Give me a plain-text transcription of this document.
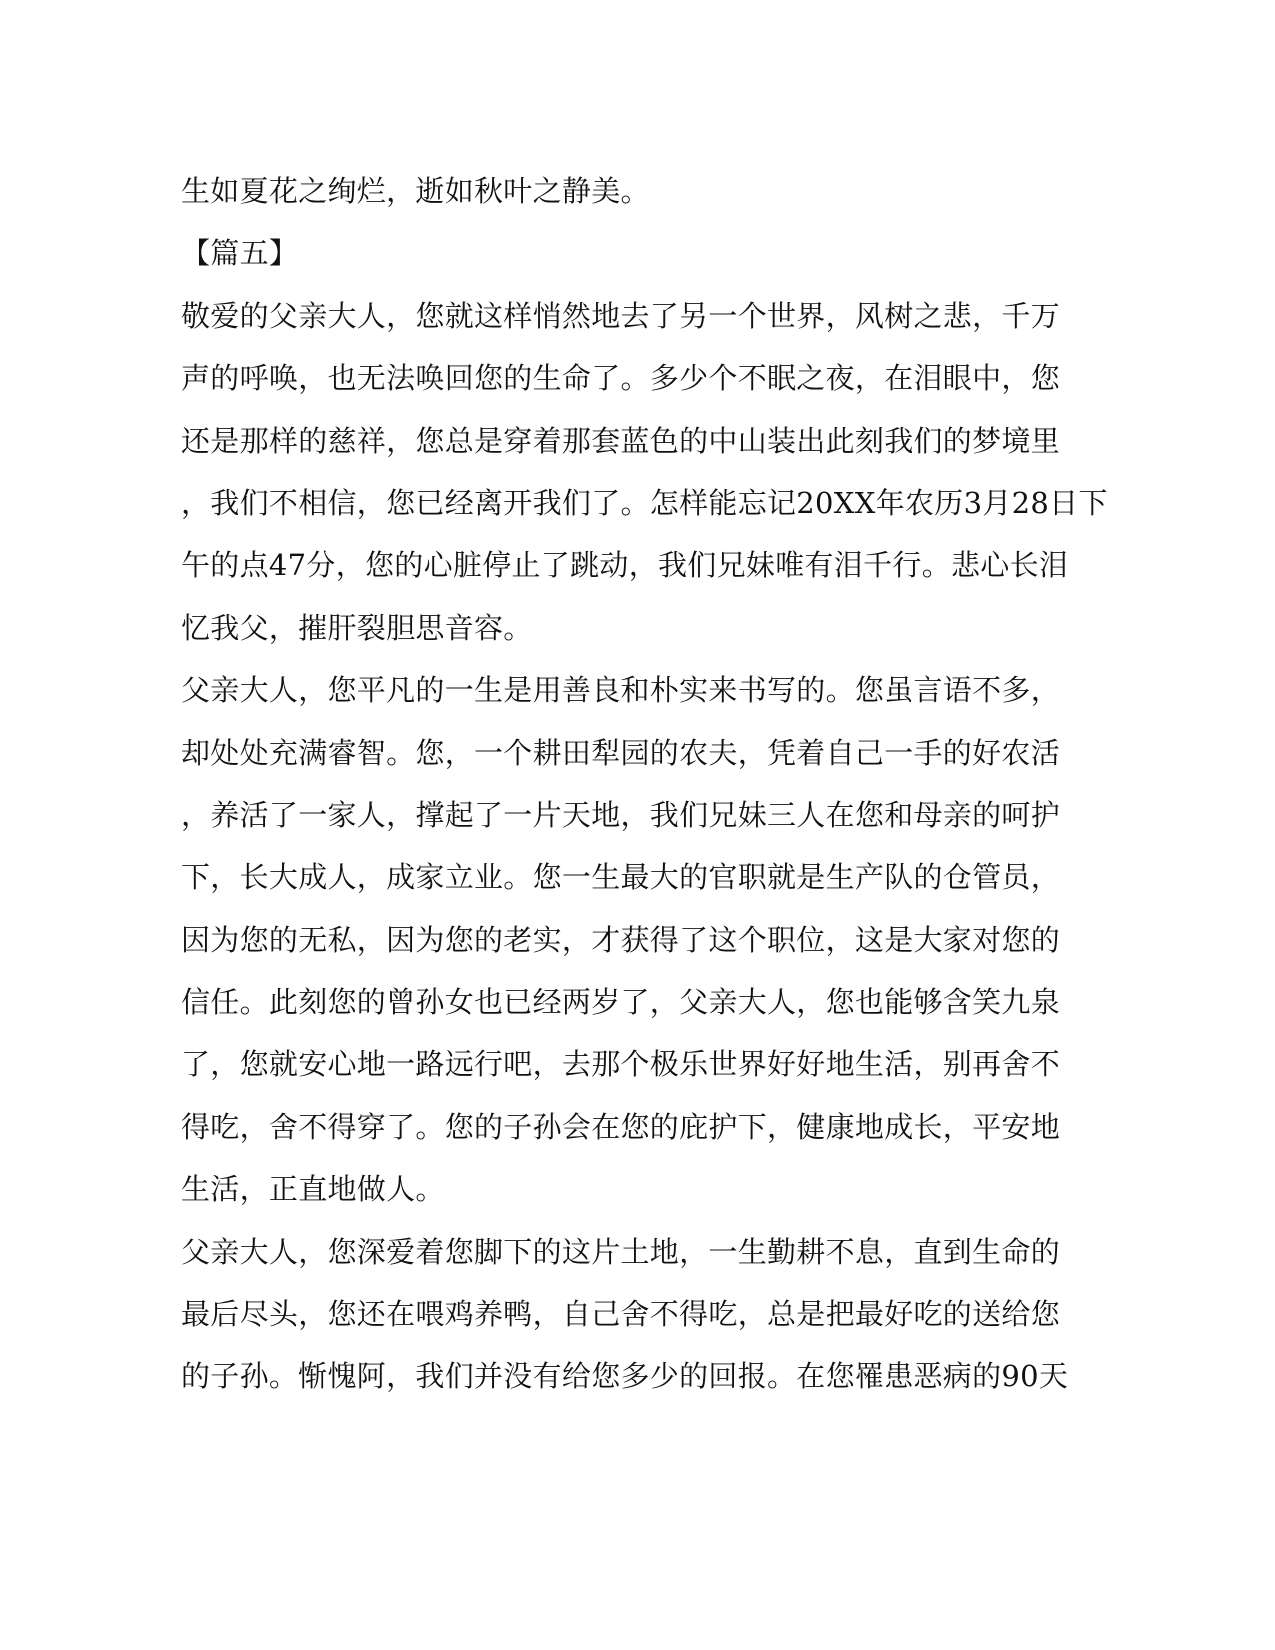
生如夏花之绚烂，逝如秋叶之静美。
【篇五】
敬爱的父亲大人，您就这样悄然地去了另一个世界，风树之悲，千万
声的呼唤，也无法唤回您的生命了。多少个不眠之夜，在泪眼中，您
还是那样的慈祥，您总是穿着那套蓝色的中山装出此刻我们的梦境里
，我们不相信，您已经离开我们了。怎样能忘记20XX年农历3月28日下
午的点47分，您的心脏停止了跳动，我们兄妹唯有泪千行。悲心长泪
忆我父，摧肝裂胆思音容。
父亲大人，您平凡的一生是用善良和朴实来书写的。您虽言语不多，
却处处充满睿智。您，一个耕田犁园的农夫，凭着自己一手的好农活
，养活了一家人，撑起了一片天地，我们兄妹三人在您和母亲的呵护
下，长大成人，成家立业。您一生最大的官职就是生产队的仓管员，
因为您的无私，因为您的老实，才获得了这个职位，这是大家对您的
信任。此刻您的曾孙女也已经两岁了，父亲大人，您也能够含笑九泉
了，您就安心地一路远行吧，去那个极乐世界好好地生活，别再舍不
得吃，舍不得穿了。您的子孙会在您的庇护下，健康地成长，平安地
生活，正直地做人。
父亲大人，您深爱着您脚下的这片土地，一生勤耕不息，直到生命的
最后尽头，您还在喂鸡养鸭，自己舍不得吃，总是把最好吃的送给您
的子孙。惭愧阿，我们并没有给您多少的回报。在您罹患恶病的90天
